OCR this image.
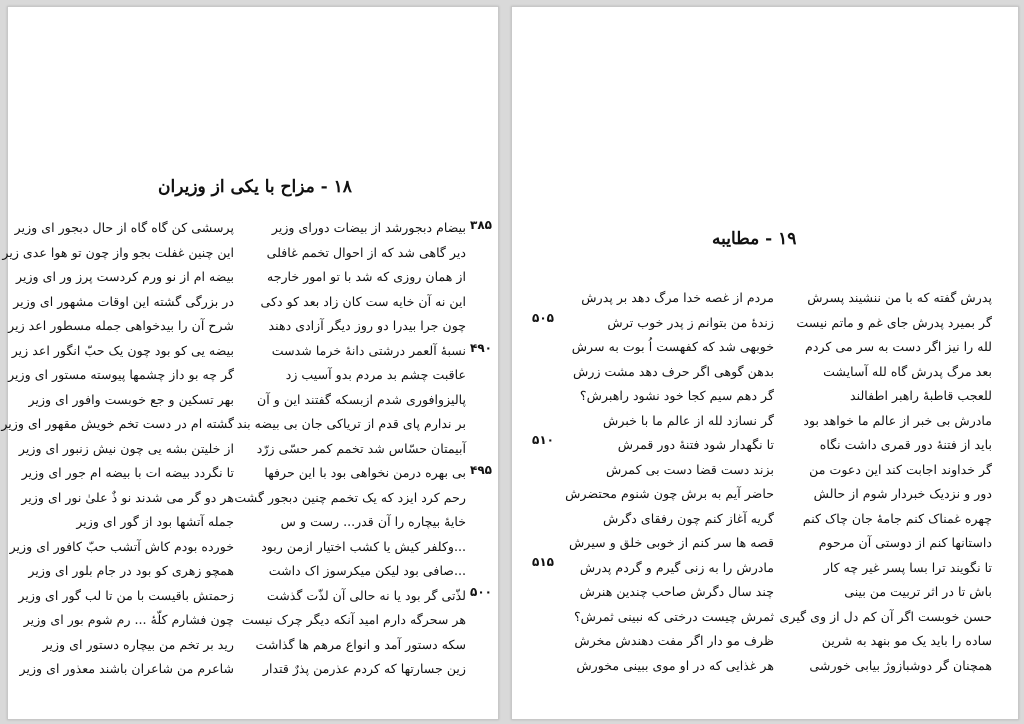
۱۸ - مزاح با یکی از وزیران
بیضام دبجورشد از بیضات دورای وزیر
دیر گاهی شد که از احوال تخمم غافلی
از همان روزی که شد با تو امور خارجه
این نه آن خایه ست کان زاد بعد کو دکی
چون جرا بیدرا دو روز دیگر آزادی دهند
نسبهٔ آلعمر درشتی دانهٔ خرما شدست
عاقبت چشم بد مردم بدو آسیب زد
پالیزوافوری شدم ازبسکه گفتند این و آن
بر ندارم پای قدم از تریاکی جان بی بیضه بند
آبیمتان حسّاس شد تخمم کمر حسّی زرّد
بی بهره درمن نخواهی بود با این حرفها
رحم کرد ایزد که یک تخمم چنین دبجور گشت
خایهٔ بیچاره را آن قدر... رست و س
...وکلفر کیش یا کشب اختیار ازمن ربود
...صافی بود لیکن میکرسوز اک داشت
لذّتی گر بود یا نه حالی آن لذّت گذشت
هر سحرگه دارم امید آنکه دیگر چرک نیست
سکه دستور آمد و انواع مرهم ها گذاشت
زین جسارتها که کردم عذرمن پذرٌ قتدار
پرسشی کن گاه گاه از حال دبجور ای وزیر
این چنین غفلت بجو واز چون تو هوا عدی زیر
بیضه ام از نو ورم کردست پرز ور ای وزیر
در بزرگی گشته این اوقات مشهور ای وزیر
شرح آن را بیدخواهی جمله مسطور اعد زیر
بیضه یی کو بود چون یک حبّ انگور اعد زیر
گر چه بو داز چشمها پیوسته مستور ای وزیر
بهر تسکین و جع خوبست وافور ای وزیر
گشته ام در دست تخم خویش مقهور ای وزیر
از خلیتن بشه یی چون نیش زنبور ای وزیر
تا نگردد بیضه ات با بیضه ام جور ای وزیر
هر دو گر می شدند نو ذٌ علیٰ نور ای وزیر
جمله آتشها بود از گور ای وزیر
خورده بودم کاش آتشب حبّ کافور ای وزیر
همچو زهری کو بود در جام بلور ای وزیر
زحمتش باقیست با من تا لب گور ای وزیر
چون فشارم کلّهٔ ... رم شوم بور ای وزیر
رید بر تخم من بیچاره دستور ای وزیر
شاعرم من شاعران باشند معذور ای وزیر
۳۸۵
۴۹۰
۴۹۵
۵۰۰
۱۹ - مطایبه
پدرش گفته که با من ننشیند پسرش
گر بمیرد پدرش جای غم و ماتم نیست
لله را نیز اگر دست به سر می کردم
بعد مرگ پدرش گاه لله آسایشت
للعجب قاطبهٔ راهبر اطفالند
مادرش بی خبر از عالم ما خواهد بود
باید از فتنهٔ دور قمری داشت نگاه
گر خداوند اجابت کند این دعوت من
دور و نزدیک خبردار شوم از حالش
چهره غمناک کنم جامهٔ جان چاک کنم
داستانها کنم از دوستی آن مرحوم
تا نگویند ترا بسا پسر غیر چه کار
باش تا در اثر تربیت من بینی
حسن خوبست اگر آن کم دل از وی گیری
ساده را باید یک مو بنهد به شرین
همچنان گر دوشبازوژ بیابی خورشی
مردم از غصه خدا مرگ دهد بر پدرش
زندهٔ من بتوانم ز پدر خوب ترش
خوبهی شد که کفهست اُ بوت به سرش
بدهن گوهی اگر حرف دهد مشت زرش
گر دهم سیم کجا خود نشود راهبرش؟
گر نسازد لله از عالم ما با خبرش
تا نگهدار شود فتنهٔ دور قمرش
بزند دست قضا دست بی کمرش
حاضر آیم به برش چون شنوم محتضرش
گریه آغاز کنم چون رفقای دگرش
قصه ها سر کنم از خوبی خلق و سیرش
مادرش را به زنی گیرم و گردم پدرش
چند سال دگرش صاحب چندین هنرش
ثمرش چیست درختی که نبینی ثمرش؟
ظرف مو دار اگر مفت دهندش مخرش
هر غذایی که در او موی ببینی مخورش
۵۰۵
۵۱۰
۵۱۵
